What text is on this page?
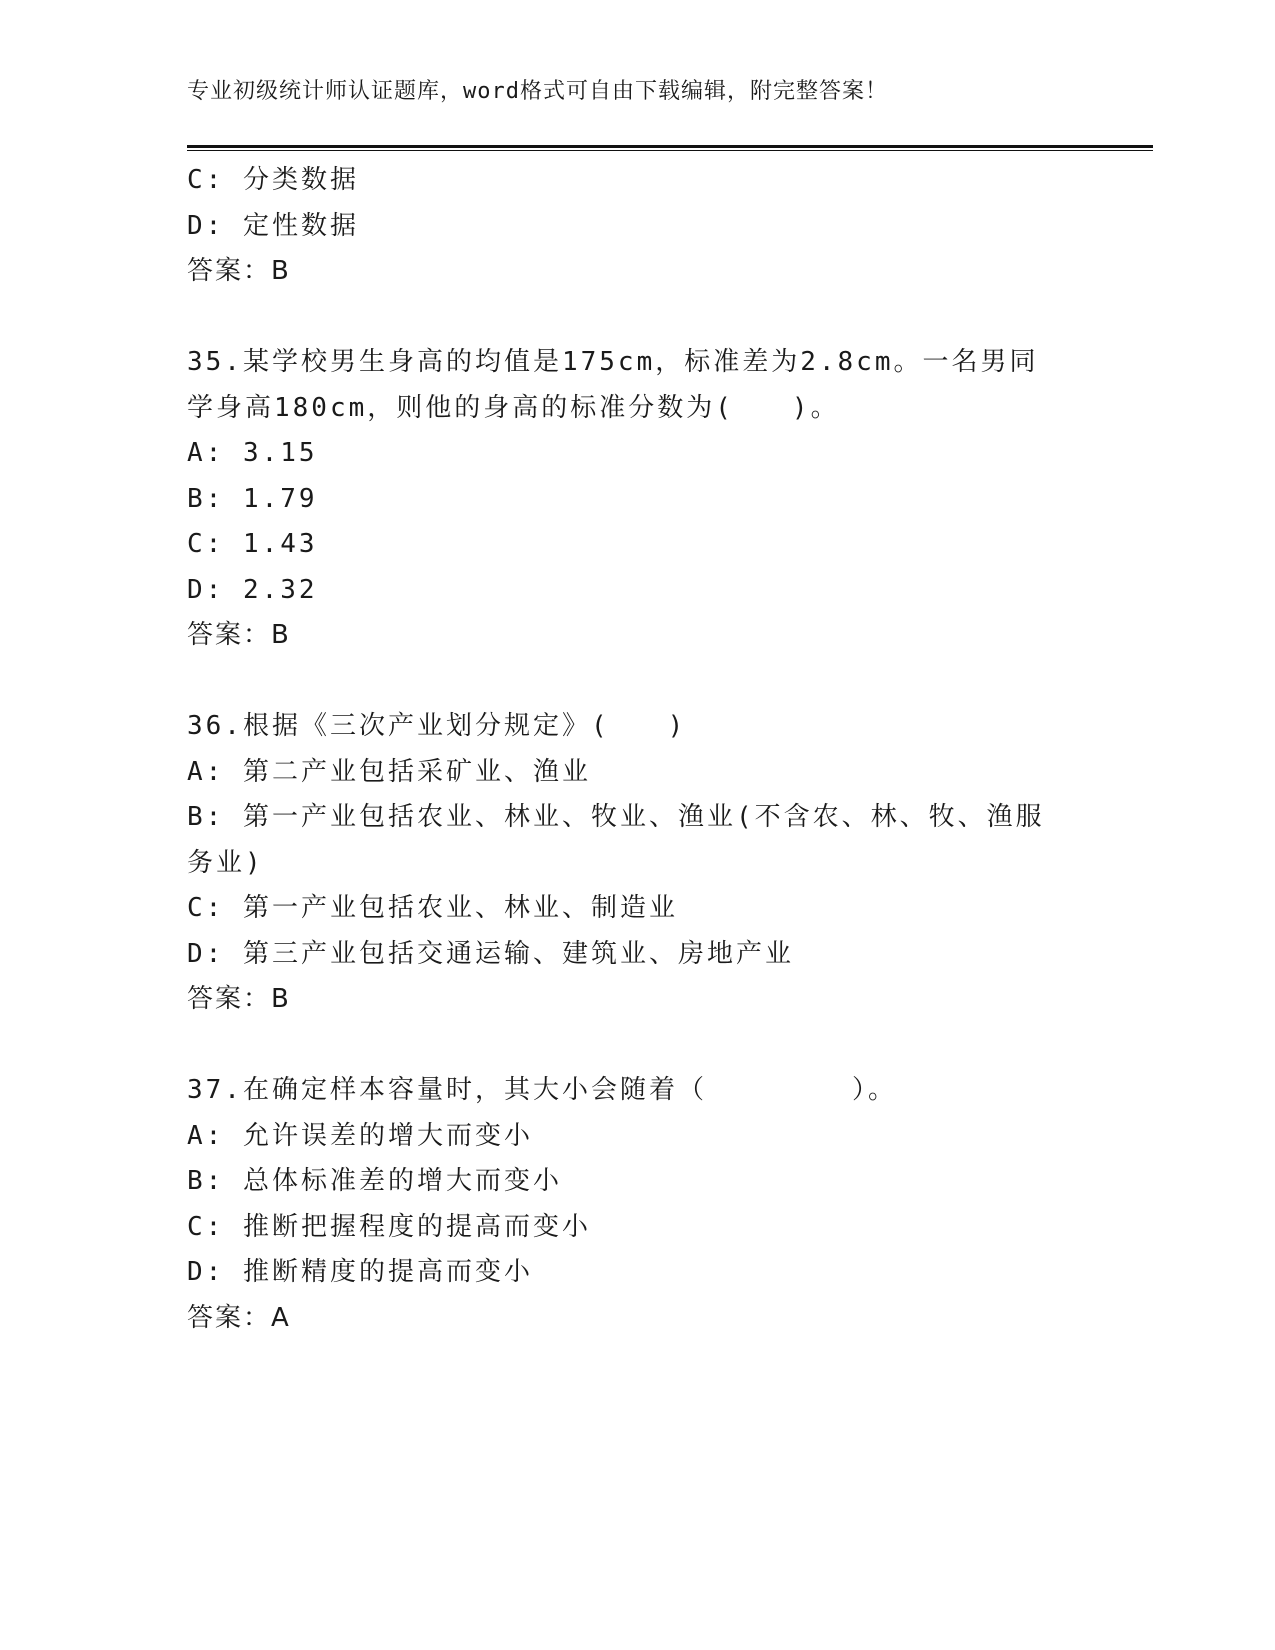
专业初级统计师认证题库，word格式可自由下载编辑，附完整答案！
C: 分类数据
D: 定性数据
答案：B
35.某学校男生身高的均值是175cm，标准差为2.8cm。一名男同学身高180cm，则他的身高的标准分数为(　　)。
A: 3.15
B: 1.79
C: 1.43
D: 2.32
答案：B
36.根据《三次产业划分规定》(　　)
A: 第二产业包括采矿业、渔业
B: 第一产业包括农业、林业、牧业、渔业(不含农、林、牧、渔服务业)
C: 第一产业包括农业、林业、制造业
D: 第三产业包括交通运输、建筑业、房地产业
答案：B
37.在确定样本容量时，其大小会随着（　　　　　）。
A: 允许误差的增大而变小
B: 总体标准差的增大而变小
C: 推断把握程度的提高而变小
D: 推断精度的提高而变小
答案：A
